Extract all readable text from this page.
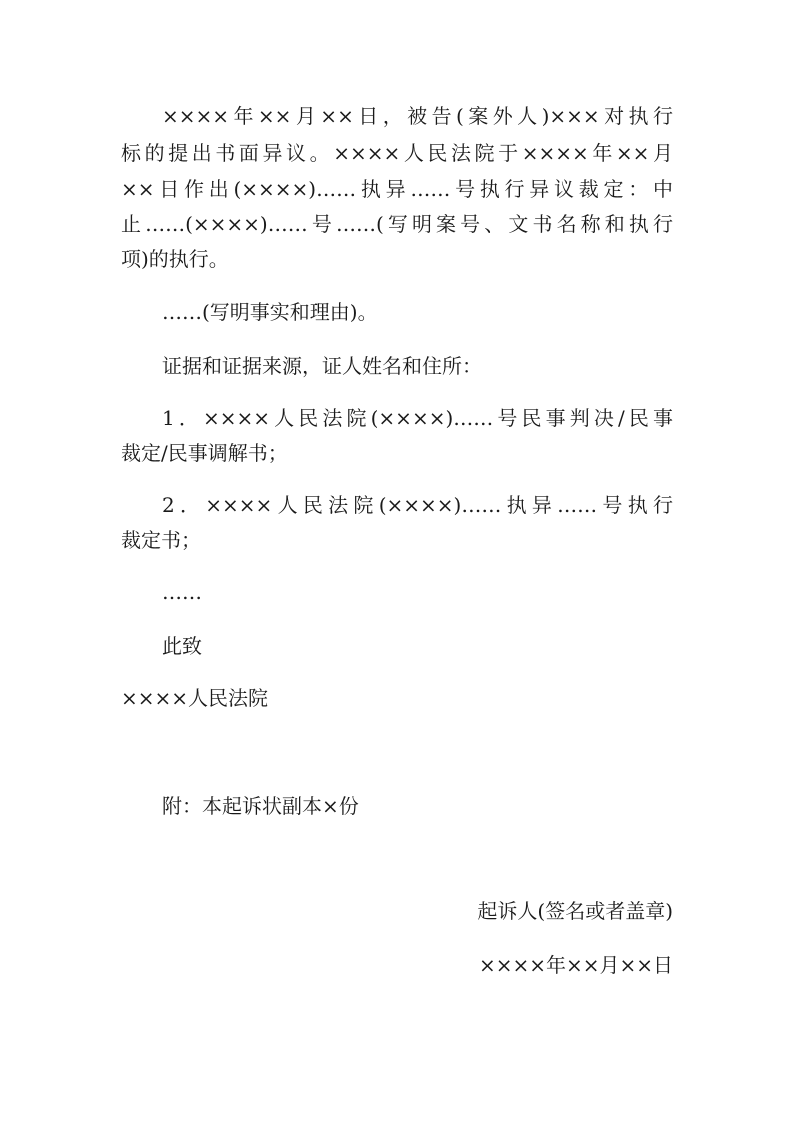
××××年××月××日，被告(案外人)×××对执行
标的提出书面异议。××××人民法院于××××年××月
××日作出(××××)……执异……号执行异议裁定：中
止……(××××)……号……(写明案号、文书名称和执行
项)的执行。
……(写明事实和理由)。
证据和证据来源，证人姓名和住所：
1．××××人民法院(××××)……号民事判决/民事
裁定/民事调解书；
2．××××人民法院(××××)……执异……号执行
裁定书；
……
此致
××××人民法院
附：本起诉状副本×份
起诉人(签名或者盖章)
××××年××月××日
